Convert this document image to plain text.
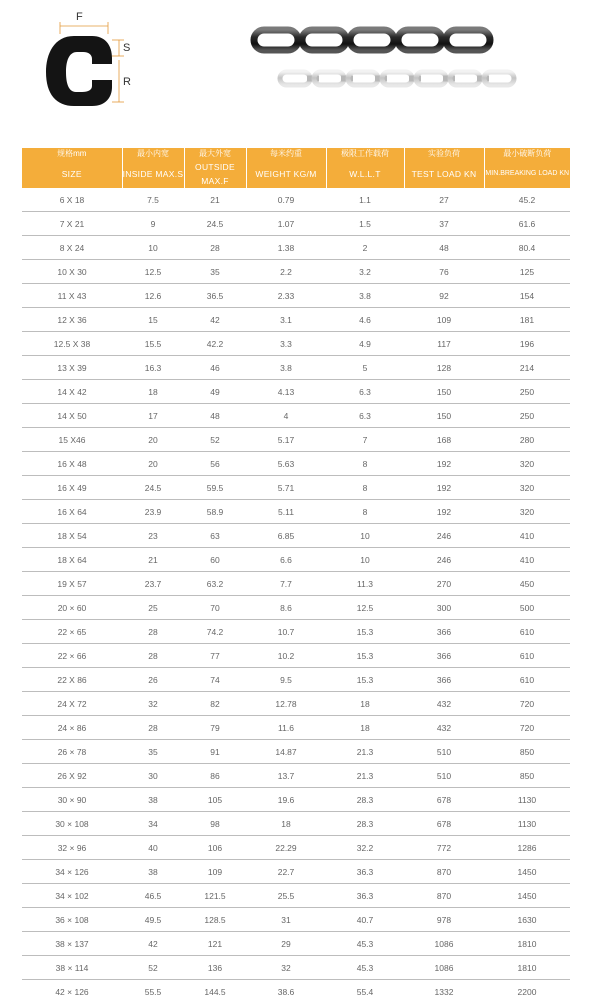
F
S
R
规格mm	最小内宽	最大外宽	每米约重	极限工作载荷	实验负荷	最小破断负荷
SIZE	INSIDE MAX.S	OUTSIDE MAX.F	WEIGHT KG/M	W.L.L.T	TEST LOAD KN	MIN.BREAKING LOAD KN
6 X 18	7.5	21	0.79	1.1	27	45.2
7 X 21	9	24.5	1.07	1.5	37	61.6
8 X 24	10	28	1.38	2	48	80.4
10 X 30	12.5	35	2.2	3.2	76	125
11 X 43	12.6	36.5	2.33	3.8	92	154
12 X 36	15	42	3.1	4.6	109	181
12.5 X 38	15.5	42.2	3.3	4.9	117	196
13 X 39	16.3	46	3.8	5	128	214
14 X 42	18	49	4.13	6.3	150	250
14 X 50	17	48	4	6.3	150	250
15 X46	20	52	5.17	7	168	280
16 X 48	20	56	5.63	8	192	320
16 X 49	24.5	59.5	5.71	8	192	320
16 X 64	23.9	58.9	5.11	8	192	320
18 X 54	23	63	6.85	10	246	410
18 X 64	21	60	6.6	10	246	410
19 X 57	23.7	63.2	7.7	11.3	270	450
20 × 60	25	70	8.6	12.5	300	500
22 × 65	28	74.2	10.7	15.3	366	610
22 × 66	28	77	10.2	15.3	366	610
22 X 86	26	74	9.5	15.3	366	610
24 X 72	32	82	12.78	18	432	720
24 × 86	28	79	11.6	18	432	720
26 × 78	35	91	14.87	21.3	510	850
26 X 92	30	86	13.7	21.3	510	850
30 × 90	38	105	19.6	28.3	678	1130
30 × 108	34	98	18	28.3	678	1130
32 × 96	40	106	22.29	32.2	772	1286
34 × 126	38	109	22.7	36.3	870	1450
34 × 102	46.5	121.5	25.5	36.3	870	1450
36 × 108	49.5	128.5	31	40.7	978	1630
38 × 137	42	121	29	45.3	1086	1810
38 × 114	52	136	32	45.3	1086	1810
42 × 126	55.5	144.5	38.6	55.4	1332	2200
